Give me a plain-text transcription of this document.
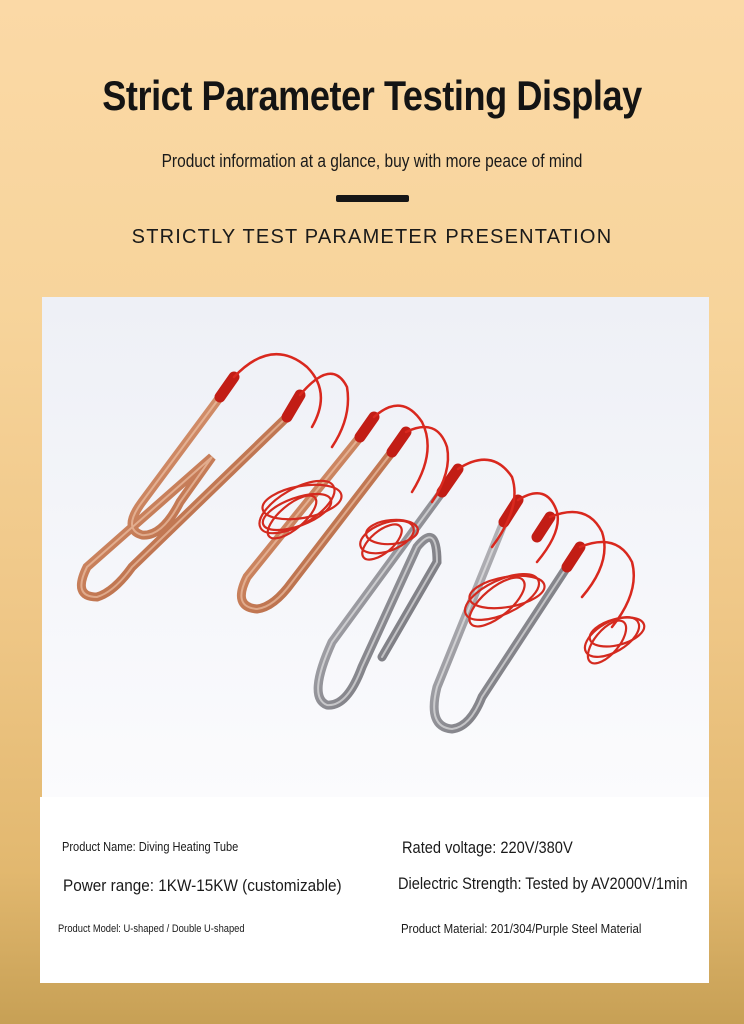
Strict Parameter Testing Display
Product information at a glance, buy with more peace of mind
STRICTLY TEST PARAMETER PRESENTATION
Product Name: Diving Heating Tube	Rated voltage: 220V/380V
Power range: 1KW-15KW (customizable)	Dielectric Strength: Tested by AV2000V/1min
Product Model: U-shaped / Double U-shaped	Product Material: 201/304/Purple Steel Material
